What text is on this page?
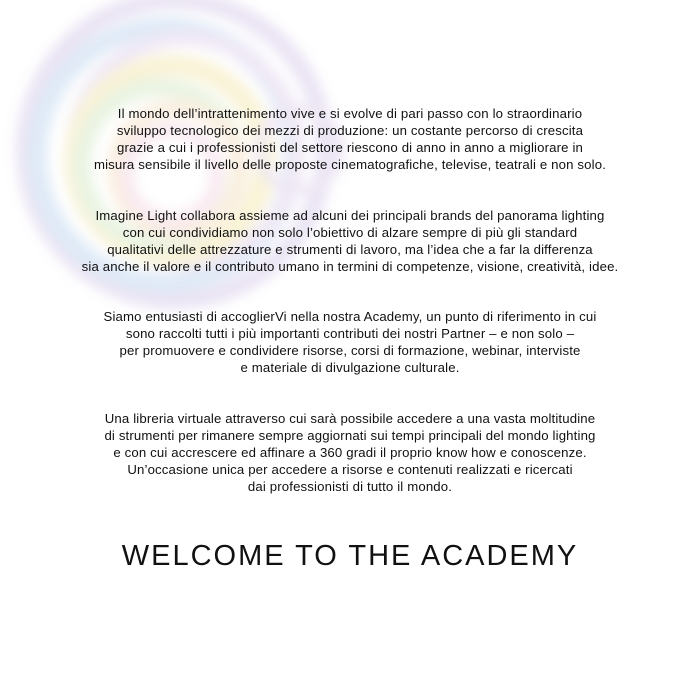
Il mondo dell’intrattenimento vive e si evolve di pari passo con lo straordinario
sviluppo tecnologico dei mezzi di produzione: un costante percorso di crescita
grazie a cui i professionisti del settore riescono di anno in anno a migliorare in
misura sensibile il livello delle proposte cinematografiche, televise, teatrali e non solo.

Imagine Light collabora assieme ad alcuni dei principali brands del panorama lighting
con cui condividiamo non solo l’obiettivo di alzare sempre di più gli standard
qualitativi delle attrezzature e strumenti di lavoro, ma l’idea che a far la differenza
sia anche il valore e il contributo umano in termini di competenze, visione, creatività, idee.

Siamo entusiasti di accoglierVi nella nostra Academy, un punto di riferimento in cui
sono raccolti tutti i più importanti contributi dei nostri Partner – e non solo –
per promuovere e condividere risorse, corsi di formazione, webinar, interviste
e materiale di divulgazione culturale.

Una libreria virtuale attraverso cui sarà possibile accedere a una vasta moltitudine
di strumenti per rimanere sempre aggiornati sui tempi principali del mondo lighting
e con cui accrescere ed affinare a 360 gradi il proprio know how e conoscenze.
Un’occasione unica per accedere a risorse e contenuti realizzati e ricercati
dai professionisti di tutto il mondo.

WELCOME TO THE ACADEMY
